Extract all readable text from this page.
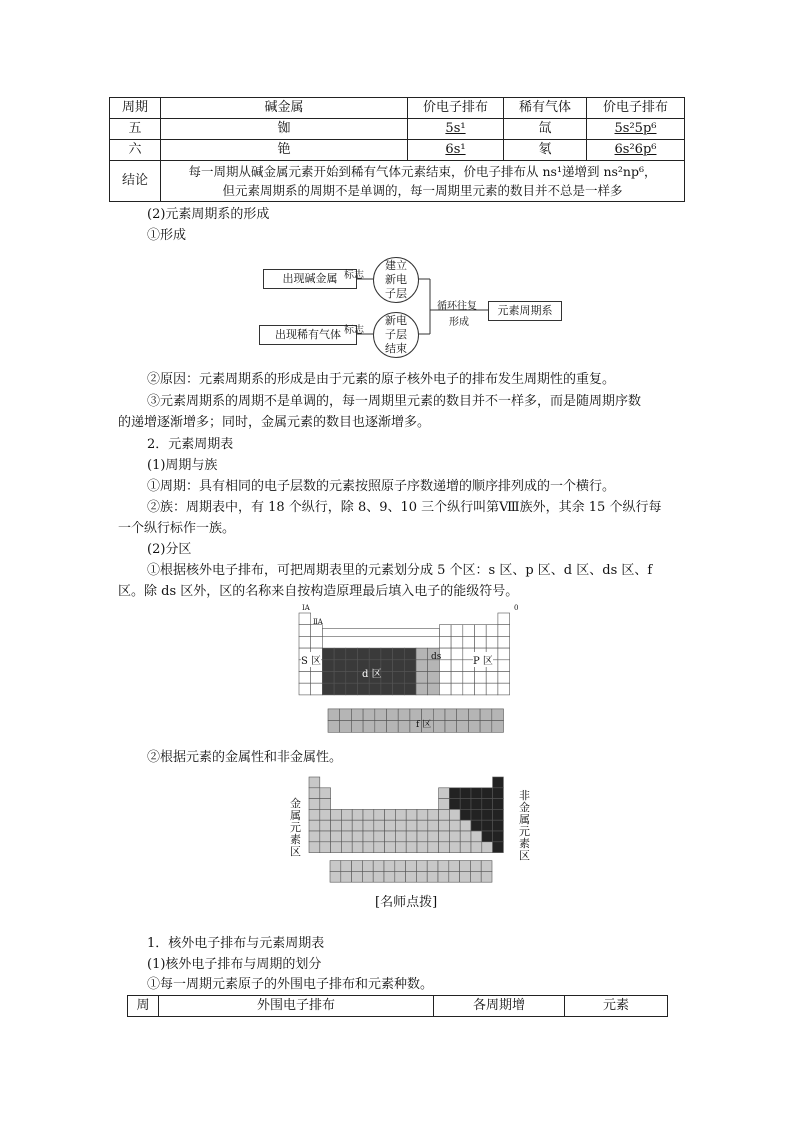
周期	碱金属	价电子排布	稀有气体	价电子排布
五	铷	5s¹	氙	5s²5p⁶
六	铯	6s¹	氡	6s²6p⁶
结论	每一周期从碱金属元素开始到稀有气体元素结束，价电子排布从 ns¹递增到 ns²np⁶，
但元素周期系的周期不是单调的，每一周期里元素的数目并不总是一样多			
(2)元素周期系的形成
①形成
出现碱金属
出现稀有气体
标志
标志
建立新电子层
新电子层结束
循环往复
形成
元素周期系
②原因：元素周期系的形成是由于元素的原子核外电子的排布发生周期性的重复。
③元素周期系的周期不是单调的，每一周期里元素的数目并不一样多，而是随周期序数
的递增逐渐增多；同时，金属元素的数目也逐渐增多。
2．元素周期表
(1)周期与族
①周期：具有相同的电子层数的元素按照原子序数递增的顺序排列成的一个横行。
②族：周期表中，有 18 个纵行，除 8、9、10 三个纵行叫第Ⅷ族外，其余 15 个纵行每
一个纵行标作一族。
(2)分区
①根据核外电子排布，可把周期表里的元素划分成 5 个区：s 区、p 区、d 区、ds 区、f
区。除 ds 区外，区的名称来自按构造原理最后填入电子的能级符号。
IA
ⅡA
0
S 区
d 区
ds	P 区
f 区
②根据元素的金属性和非金属性。
金属元素区
非金属元素区
[名师点拨]
1．核外电子排布与元素周期表
(1)核外电子排布与周期的划分
①每一周期元素原子的外围电子排布和元素种数。
周	外围电子排布	各周期增	元素
